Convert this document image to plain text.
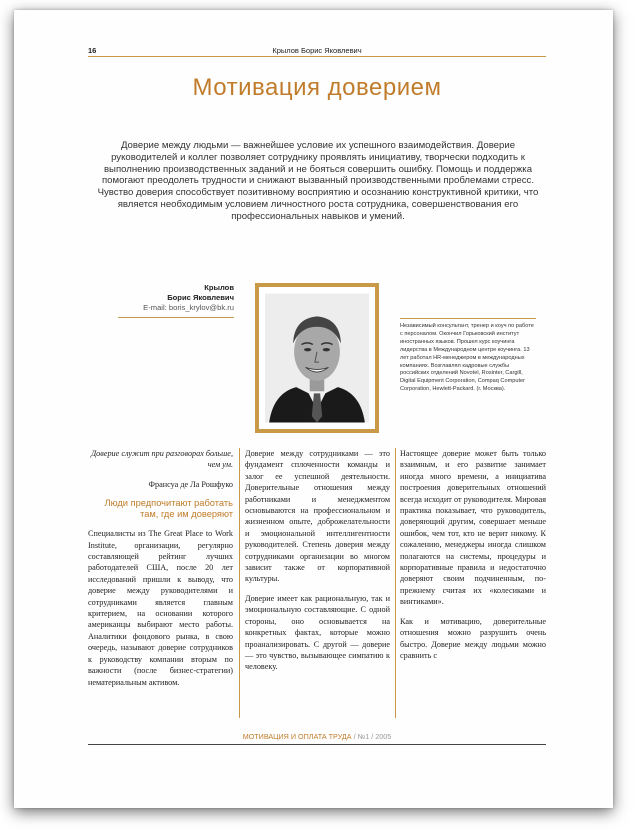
16	Крылов Борис Яковлевич
Мотивация доверием

Доверие между людьми — важнейшее условие их успешного взаимодействия. Доверие руководителей и коллег позволяет сотруднику проявлять инициативу, творчески подходить к выполнению производственных заданий и не бояться совершить ошибку. Помощь и поддержка помогают преодолеть трудности и снижают вызванный производственными проблемами стресс. Чувство доверия способствует позитивному восприятию и осознанию конструктивной критики, что является необходимым условием личностного роста сотрудника, совершенствования его профессиональных навыков и умений.

Крылов
Борис Яковлевич
E-mail: boris_krylov@bk.ru

Независимый консультант, тренер и коуч по работе с персоналом. Окончил Горьковский институт иностранных языков. Прошел курс коучинга лидерства в Международном центре коучинга. 13 лет работал HR-менеджером в международных компаниях. Возглавлял кадровые службы российских отделений Novotel, Rosinter, Cargill, Digital Equipment Corporation, Compaq Computer Corporation, Hewlett-Packard. (г. Москва).

Доверие служит при разговорах больше, чем ум.

Франсуа де Ла Рошфуко

Люди предпочитают работать там, где им доверяют

Специалисты из The Great Place to Work Institute, организации, регулярно составляющей рейтинг лучших работодателей США, после 20 лет исследований пришли к выводу, что доверие между руководителями и сотрудниками является главным критерием, на основании которого американцы выбирают место работы. Аналитики фондового рынка, в свою очередь, называют доверие сотрудников к руководству компании вторым по важности (после бизнес-стратегии) нематериальным активом.

Доверие между сотрудниками — это фундамент сплоченности команды и залог ее успешной деятельности. Доверительные отношения между работниками и менеджментом основываются на профессиональном и жизненном опыте, доброжелательности и эмоциональной интеллигентности руководителей. Степень доверия между сотрудниками организации во многом зависит также от корпоративной культуры.

Доверие имеет как рациональную, так и эмоциональную составляющие. С одной стороны, оно основывается на конкретных фактах, которые можно проанализировать. С другой — доверие — это чувство, вызывающее симпатию к человеку.

Настоящее доверие может быть только взаимным, и его развитие занимает иногда много времени, а инициатива построения доверительных отношений всегда исходит от руководителя. Мировая практика показывает, что руководитель, доверяющий другим, совершает меньше ошибок, чем тот, кто не верит никому. К сожалению, менеджеры иногда слишком полагаются на системы, процедуры и корпоративные правила и недостаточно доверяют своим подчиненным, по-прежнему считая их «колесиками и винтиками».

Как и мотивацию, доверительные отношения можно разрушить очень быстро. Доверие между людьми можно сравнить с

МОТИВАЦИЯ И ОПЛАТА ТРУДА / №1 / 2005
